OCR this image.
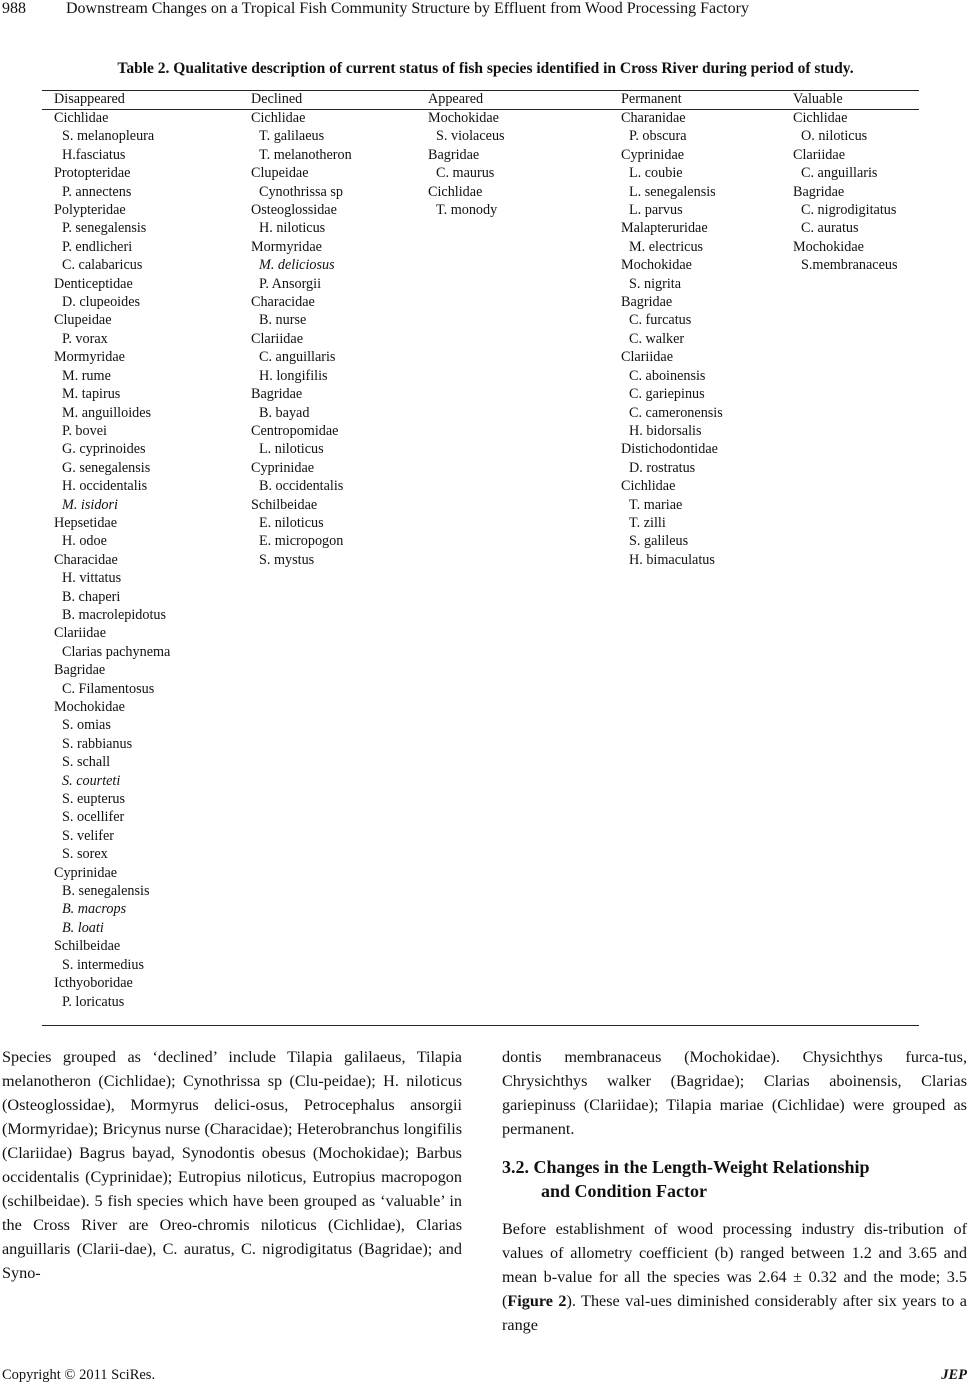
988	Downstream Changes on a Tropical Fish Community Structure by Effluent from Wood Processing Factory
Table 2. Qualitative description of current status of fish species identified in Cross River during period of study.
Disappeared
Cichlidae
S. melanopleura
H.fasciatus
Protopteridae
P. annectens
Polypteridae
P. senegalensis
P. endlicheri
C. calabaricus
Denticeptidae
D. clupeoides
Clupeidae
P. vorax
Mormyridae
M. rume
M. tapirus
M. anguilloides
P. bovei
G. cyprinoides
G. senegalensis
H. occidentalis
M. isidori
Hepsetidae
H. odoe
Characidae
H. vittatus
B. chaperi
B. macrolepidotus
Clariidae
Clarias pachynema
Bagridae
C. Filamentosus
Mochokidae
S. omias
S. rabbianus
S. schall
S. courteti
S. eupterus
S. ocellifer
S. velifer
S. sorex
Cyprinidae
B. senegalensis
B. macrops
B. loati
Schilbeidae
S. intermedius
Icthyoboridae
P. loricatus
Declined
Cichlidae
T. galilaeus
T. melanotheron
Clupeidae
Cynothrissa sp
Osteoglossidae
H. niloticus
Mormyridae
M. deliciosus
P. Ansorgii
Characidae
B. nurse
Clariidae
C. anguillaris
H. longifilis
Bagridae
B. bayad
Centropomidae
L. niloticus
Cyprinidae
B. occidentalis
Schilbeidae
E. niloticus
E. micropogon
S. mystus
Appeared
Mochokidae
S. violaceus
Bagridae
C. maurus
Cichlidae
T. monody
Permanent
Charanidae
P. obscura
Cyprinidae
L. coubie
L. senegalensis
L. parvus
Malapteruridae
M. electricus
Mochokidae
S. nigrita
Bagridae
C. furcatus
C. walker
Clariidae
C. aboinensis
C. gariepinus
C. cameronensis
H. bidorsalis
Distichodontidae
D. rostratus
Cichlidae
T. mariae
T. zilli
S. galileus
H. bimaculatus
Valuable
Cichlidae
O. niloticus
Clariidae
C. anguillaris
Bagridae
C. nigrodigitatus
C. auratus
Mochokidae
S.membranaceus

Species grouped as ‘declined’ include Tilapia galilaeus, Tilapia melanotheron (Cichlidae); Cynothrissa sp (Clu-peidae); H. niloticus (Osteoglossidae), Mormyrus delici-osus, Petrocephalus ansorgii (Mormyridae); Bricynus nurse (Characidae); Heterobranchus longifilis (Clariidae) Bagrus bayad, Synodontis obesus (Mochokidae); Barbus occidentalis (Cyprinidae); Eutropius niloticus, Eutropius macropogon (schilbeidae). 5 fish species which have been grouped as ‘valuable’ in the Cross River are Oreo-chromis niloticus (Cichlidae), Clarias anguillaris (Clarii-dae), C. auratus, C. nigrodigitatus (Bagridae); and Syno-

dontis membranaceus (Mochokidae). Chysichthys furca-tus, Chrysichthys walker (Bagridae); Clarias aboinensis, Clarias gariepinuss (Clariidae); Tilapia mariae (Cichlidae) were grouped as permanent.

3.2. Changes in the Length-Weight Relationship
and Condition Factor

Before establishment of wood processing industry dis-tribution of values of allometry coefficient (b) ranged between 1.2 and 3.65 and mean b-value for all the species was 2.64 ± 0.32 and the mode; 3.5 (Figure 2). These val-ues diminished considerably after six years to a range

Copyright © 2011 SciRes.	JEP
